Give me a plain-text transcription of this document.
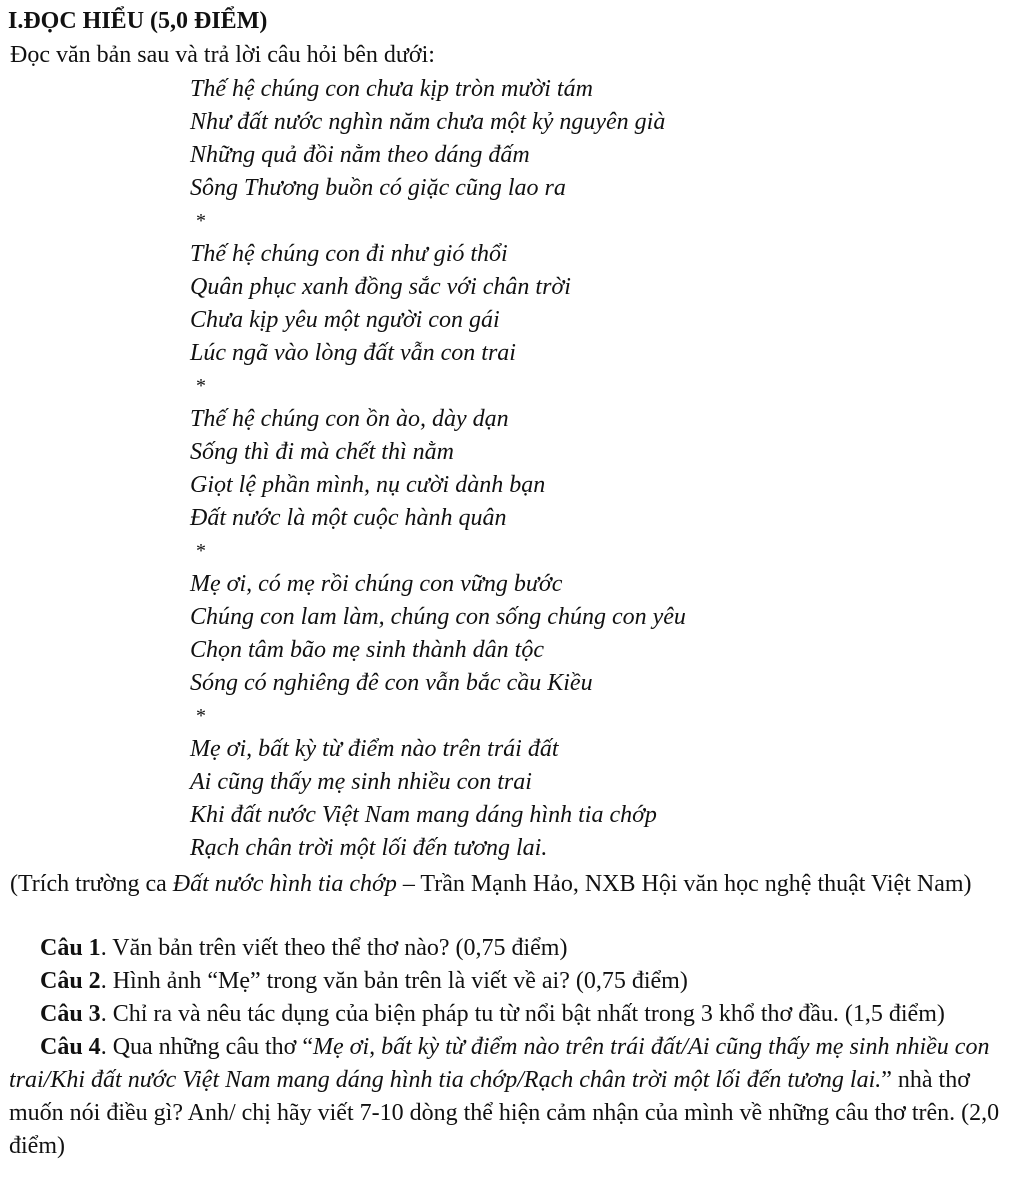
I.ĐỌC HIỂU (5,0 ĐIỂM)
Đọc văn bản sau và trả lời câu hỏi bên dưới:
Thế hệ chúng con chưa kịp tròn mười tám
Như đất nước nghìn năm chưa một kỷ nguyên già
Những quả đồi nằm theo dáng đấm
Sông Thương buồn có giặc cũng lao ra
*
Thế hệ chúng con đi như gió thổi
Quân phục xanh đồng sắc với chân trời
Chưa kịp yêu một người con gái
Lúc ngã vào lòng đất vẫn con trai
*
Thế hệ chúng con ồn ào, dày dạn
Sống thì đi mà chết thì nằm
Giọt lệ phần mình, nụ cười dành bạn
Đất nước là một cuộc hành quân
*
Mẹ ơi, có mẹ rồi chúng con vững bước
Chúng con lam làm, chúng con sống chúng con yêu
Chọn tâm bão mẹ sinh thành dân tộc
Sóng có nghiêng đê con vẫn bắc cầu Kiều
*
Mẹ ơi, bất kỳ từ điểm nào trên trái đất
Ai cũng thấy mẹ sinh nhiều con trai
Khi đất nước Việt Nam mang dáng hình tia chớp
Rạch chân trời một lối đến tương lai.
(Trích trường ca Đất nước hình tia chớp – Trần Mạnh Hảo, NXB Hội văn học nghệ thuật Việt Nam)
Câu 1. Văn bản trên viết theo thể thơ nào? (0,75 điểm)
Câu 2. Hình ảnh “Mẹ” trong văn bản trên là viết về ai? (0,75 điểm)
Câu 3. Chỉ ra và nêu tác dụng của biện pháp tu từ nổi bật nhất trong 3 khổ thơ đầu. (1,5 điểm)
Câu 4. Qua những câu thơ “Mẹ ơi, bất kỳ từ điểm nào trên trái đất/Ai cũng thấy mẹ sinh nhiều con trai/Khi đất nước Việt Nam mang dáng hình tia chớp/Rạch chân trời một lối đến tương lai.” nhà thơ muốn nói điều gì? Anh/ chị hãy viết 7-10 dòng thể hiện cảm nhận của mình về những câu thơ trên. (2,0 điểm)
